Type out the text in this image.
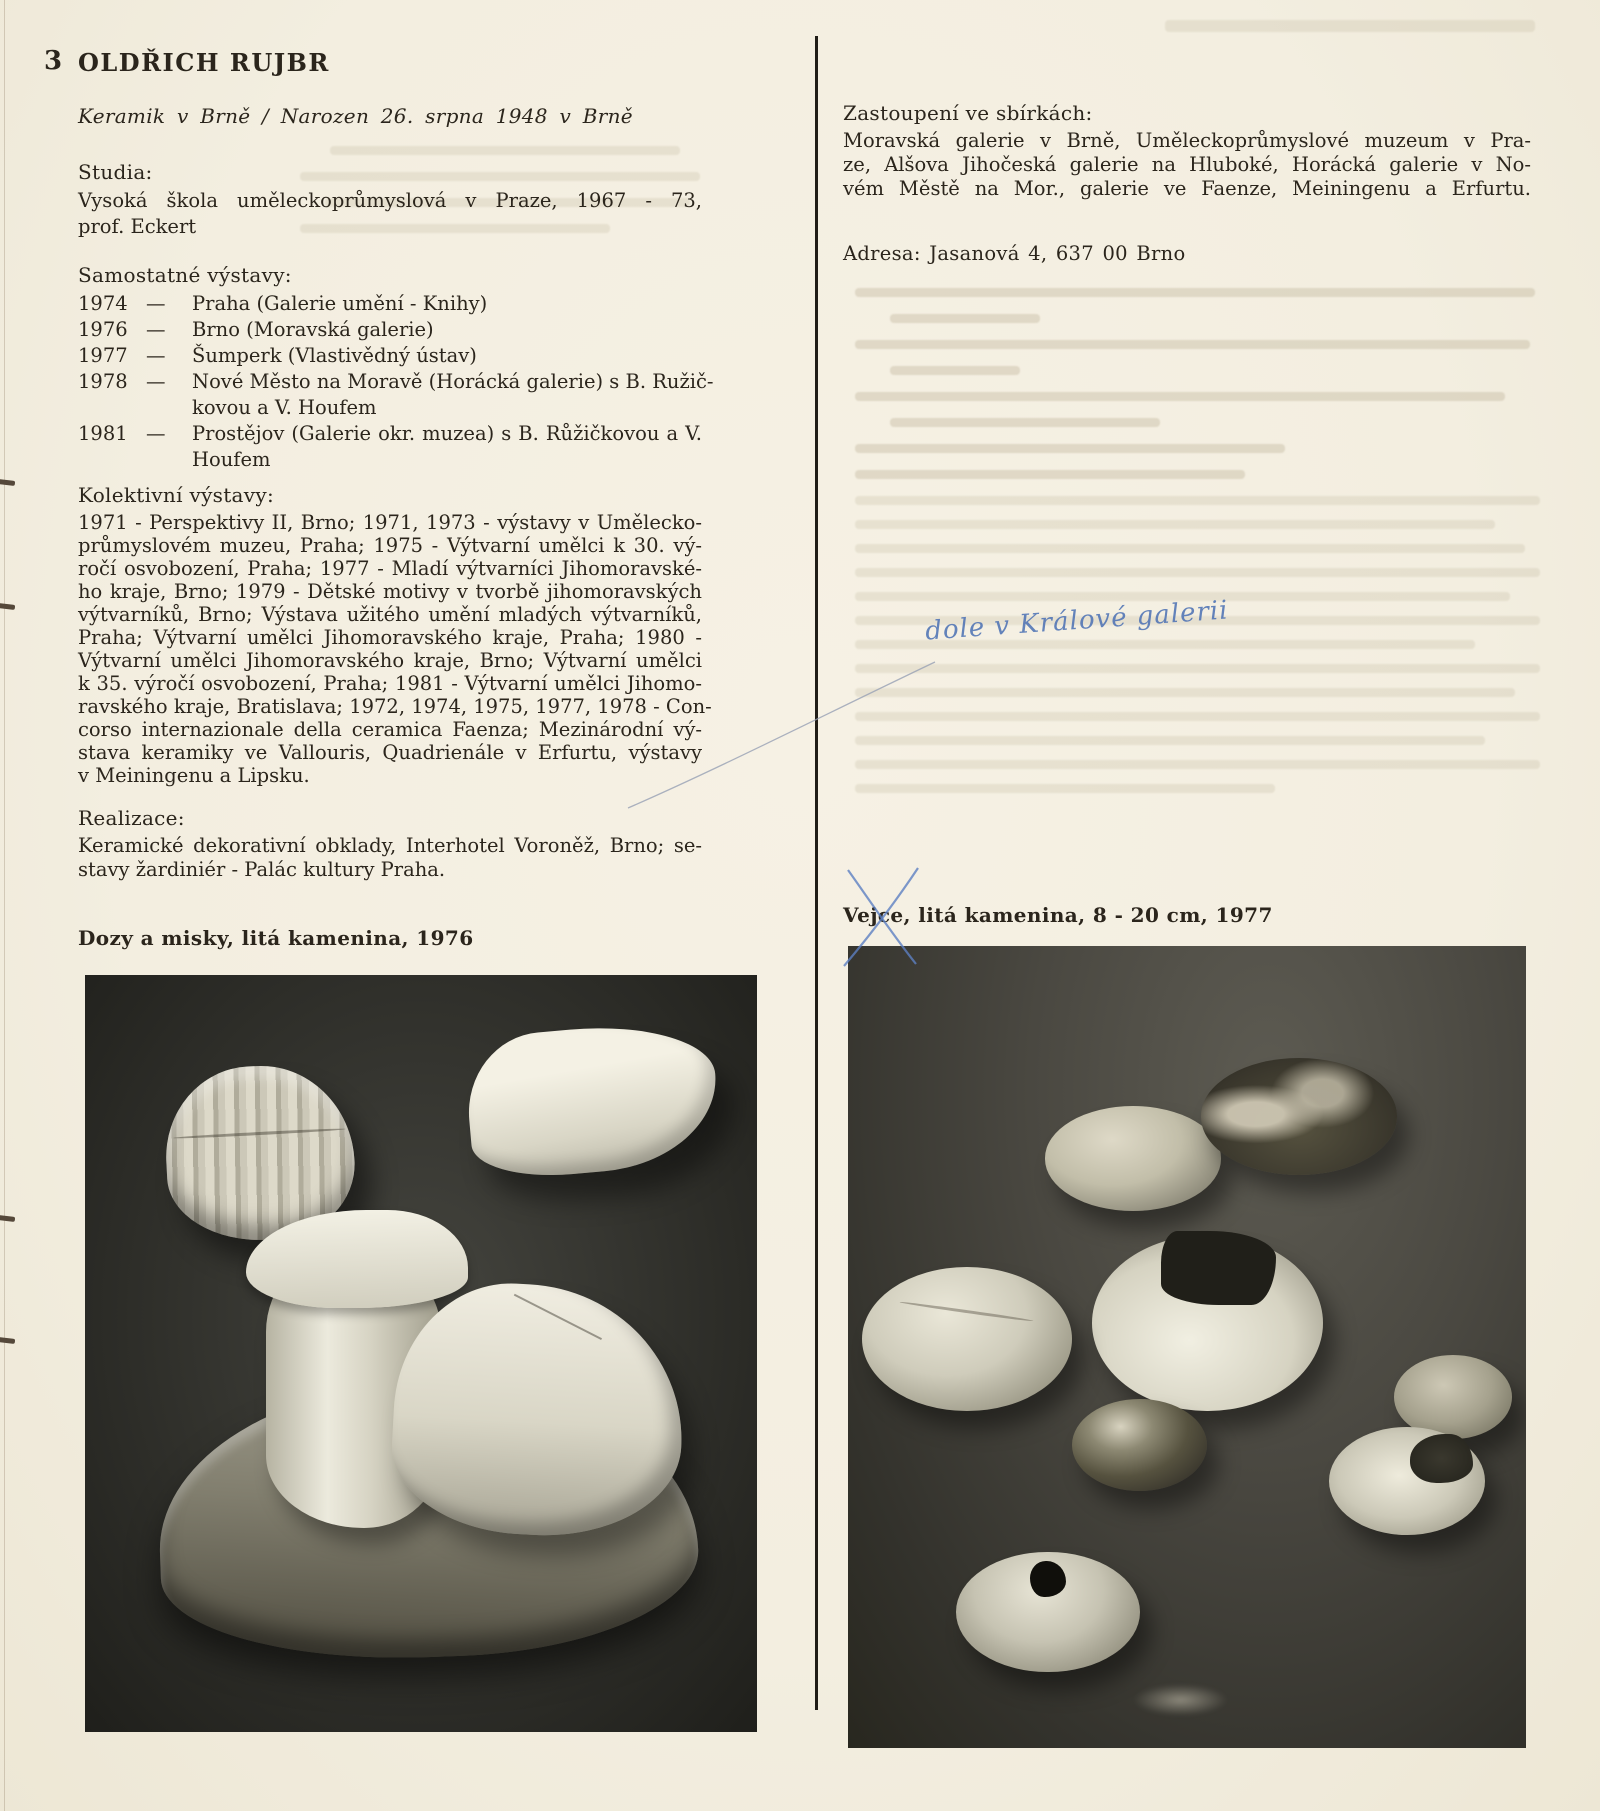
3 OLDŘICH RUJBR
Keramik v Brně / Narozen 26. srpna 1948 v Brně
Studia:
Vysoká škola uměleckoprůmyslová v Praze, 1967 - 73,
prof. Eckert
Samostatné výstavy:
1974 —	Praha (Galerie umění - Knihy)
1976 —	Brno (Moravská galerie)
1977 —	Šumperk (Vlastivědný ústav)
1978 —	Nové Město na Moravě (Horácká galerie) s B. Ružič-
kovou a V. Houfem
1981 —	Prostějov (Galerie okr. muzea) s B. Růžičkovou a V.
Houfem
Kolektivní výstavy:
1971 - Perspektivy II, Brno; 1971, 1973 - výstavy v Umělecko-
průmyslovém muzeu, Praha; 1975 - Výtvarní umělci k 30. vý-
ročí osvobození, Praha; 1977 - Mladí výtvarníci Jihomoravské-
ho kraje, Brno; 1979 - Dětské motivy v tvorbě jihomoravských
výtvarníků, Brno; Výstava užitého umění mladých výtvarníků,
Praha; Výtvarní umělci Jihomoravského kraje, Praha; 1980 -
Výtvarní umělci Jihomoravského kraje, Brno; Výtvarní umělci
k 35. výročí osvobození, Praha; 1981 - Výtvarní umělci Jihomo-
ravského kraje, Bratislava; 1972, 1974, 1975, 1977, 1978 - Con-
corso internazionale della ceramica Faenza; Mezinárodní vý-
stava keramiky ve Vallouris, Quadrienále v Erfurtu, výstavy
v Meiningenu a Lipsku.
Realizace:
Keramické dekorativní obklady, Interhotel Voroněž, Brno; se-
stavy žardiniér - Palác kultury Praha.
Dozy a misky, litá kamenina, 1976
Zastoupení ve sbírkách:
Moravská galerie v Brně, Uměleckoprůmyslové muzeum v Pra-
ze, Alšova Jihočeská galerie na Hluboké, Horácká galerie v No-
vém Městě na Mor., galerie ve Faenze, Meiningenu a Erfurtu.
Adresa: Jasanová 4, 637 00 Brno
dole v Králové galerii
Vejce, litá kamenina, 8 - 20 cm, 1977
